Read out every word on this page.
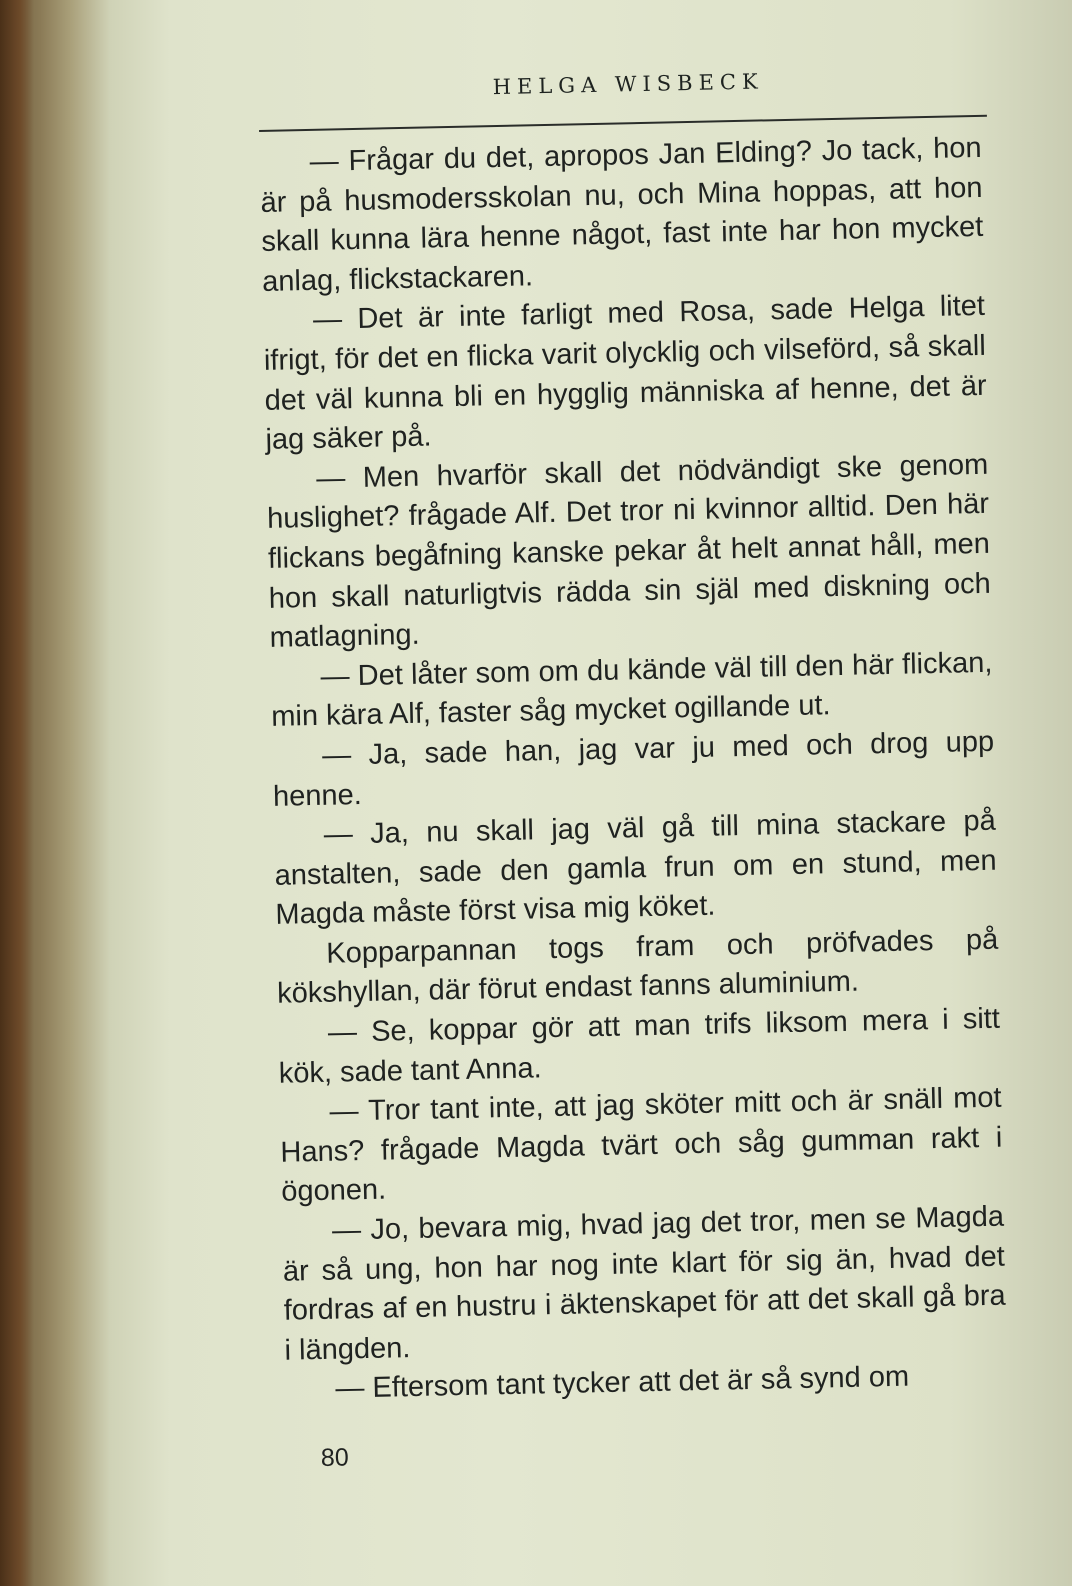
HELGA WISBECK

— Frågar du det, apropos Jan Elding? Jo tack, hon är på husmodersskolan nu, och Mina hoppas, att hon skall kunna lära henne något, fast inte har hon mycket anlag, flickstackaren.

— Det är inte farligt med Rosa, sade Helga litet ifrigt, för det en flicka varit olycklig och vilseförd, så skall det väl kunna bli en hygglig människa af henne, det är jag säker på.

— Men hvarför skall det nödvändigt ske genom huslighet? frågade Alf. Det tror ni kvinnor alltid. Den här flickans begåfning kanske pekar åt helt annat håll, men hon skall naturligtvis rädda sin själ med diskning och matlagning.

— Det låter som om du kände väl till den här flickan, min kära Alf, faster såg mycket ogillande ut.

— Ja, sade han, jag var ju med och drog upp henne.

— Ja, nu skall jag väl gå till mina stackare på anstalten, sade den gamla frun om en stund, men Magda måste först visa mig köket.

Kopparpannan togs fram och pröfvades på kökshyllan, där förut endast fanns aluminium.

— Se, koppar gör att man trifs liksom mera i sitt kök, sade tant Anna.

— Tror tant inte, att jag sköter mitt och är snäll mot Hans? frågade Magda tvärt och såg gumman rakt i ögonen.

— Jo, bevara mig, hvad jag det tror, men se Magda är så ung, hon har nog inte klart för sig än, hvad det fordras af en hustru i äktenskapet för att det skall gå bra i längden.

— Eftersom tant tycker att det är så synd om

80
